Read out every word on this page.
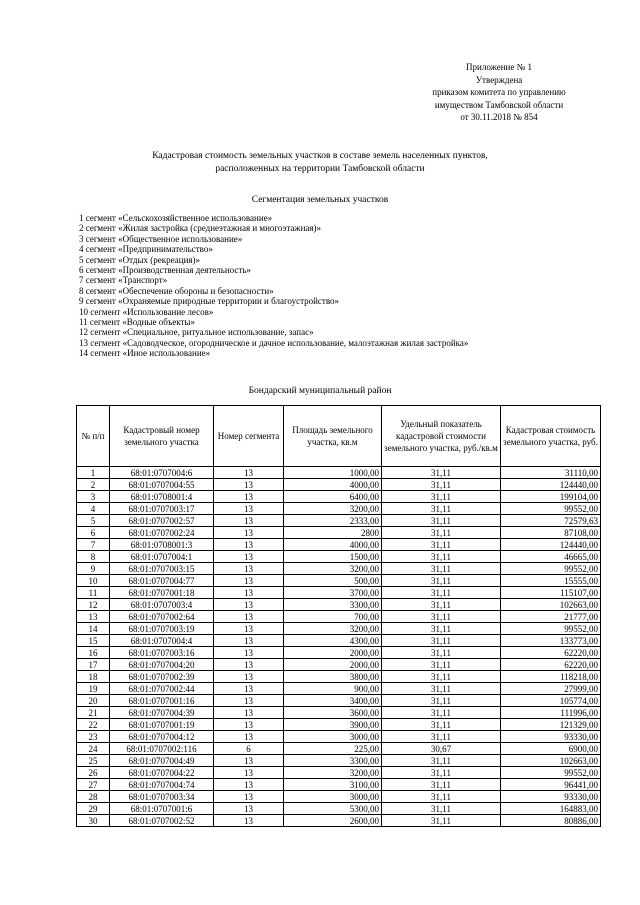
Приложение № 1
Утверждена
приказом комитета по управлению
имуществом Тамбовской области
от 30.11.2018 № 854
Кадастровая стоимость земельных участков в составе земель населенных пунктов,
расположенных на территории Тамбовской области
Сегментация земельных участков
1 сегмент «Сельскохозяйственное использование»
2 сегмент «Жилая застройка (среднеэтажная и многоэтажная)»
3 сегмент «Общественное использование»
4 сегмент «Предпринимательство»
5 сегмент «Отдых (рекреация)»
6 сегмент «Производственная деятельность»
7 сегмент «Транспорт»
8 сегмент «Обеспечение обороны и безопасности»
9 сегмент «Охраняемые природные территории и благоустройство»
10 сегмент «Использование лесов»
11 сегмент «Водные объекты»
12 сегмент «Специальное, ритуальное использование, запас»
13 сегмент «Садоводческое, огородническое и дачное использование, малоэтажная жилая застройка»
14 сегмент «Иное использование»
Бондарский муниципальный район
№ п/п	Кадастровый номер земельного участка	Номер сегмента	Площадь земельного участка, кв.м	Удельный показатель кадастровой стоимости земельного участка, руб./кв.м	Кадастровая стоимость земельного участка, руб.
1	68:01:0707004:6	13	1000,00	31,11	31110,00
2	68:01:0707004:55	13	4000,00	31,11	124440,00
3	68:01:0708001:4	13	6400,00	31,11	199104,00
4	68:01:0707003:17	13	3200,00	31,11	99552,00
5	68:01:0707002:57	13	2333,00	31,11	72579,63
6	68:01:0707002:24	13	2800	31,11	87108,00
7	68:01:0708001:3	13	4000,00	31,11	124440,00
8	68:01:0707004:1	13	1500,00	31,11	46665,00
9	68:01:0707003:15	13	3200,00	31,11	99552,00
10	68:01:0707004:77	13	500,00	31,11	15555,00
11	68:01:0707001:18	13	3700,00	31,11	115107,00
12	68:01:0707003:4	13	3300,00	31,11	102663,00
13	68:01:0707002:64	13	700,00	31,11	21777,00
14	68:01:0707003:19	13	3200,00	31,11	99552,00
15	68:01:0707004:4	13	4300,00	31,11	133773,00
16	68:01:0707003:16	13	2000,00	31,11	62220,00
17	68:01:0707004:20	13	2000,00	31,11	62220,00
18	68:01:0707002:39	13	3800,00	31,11	118218,00
19	68:01:0707002:44	13	900,00	31,11	27999,00
20	68:01:0707001:16	13	3400,00	31,11	105774,00
21	68:01:0707004:39	13	3600,00	31,11	111996,00
22	68:01:0707001:19	13	3900,00	31,11	121329,00
23	68:01:0707004:12	13	3000,00	31,11	93330,00
24	68:01:0707002:116	6	225,00	30,67	6900,00
25	68:01:0707004:49	13	3300,00	31,11	102663,00
26	68:01:0707004:22	13	3200,00	31,11	99552,00
27	68:01:0707004:74	13	3100,00	31,11	96441,00
28	68:01:0707003:34	13	3000,00	31,11	93330,00
29	68:01:0707001:6	13	5300,00	31,11	164883,00
30	68:01:0707002:52	13	2600,00	31,11	80886,00
